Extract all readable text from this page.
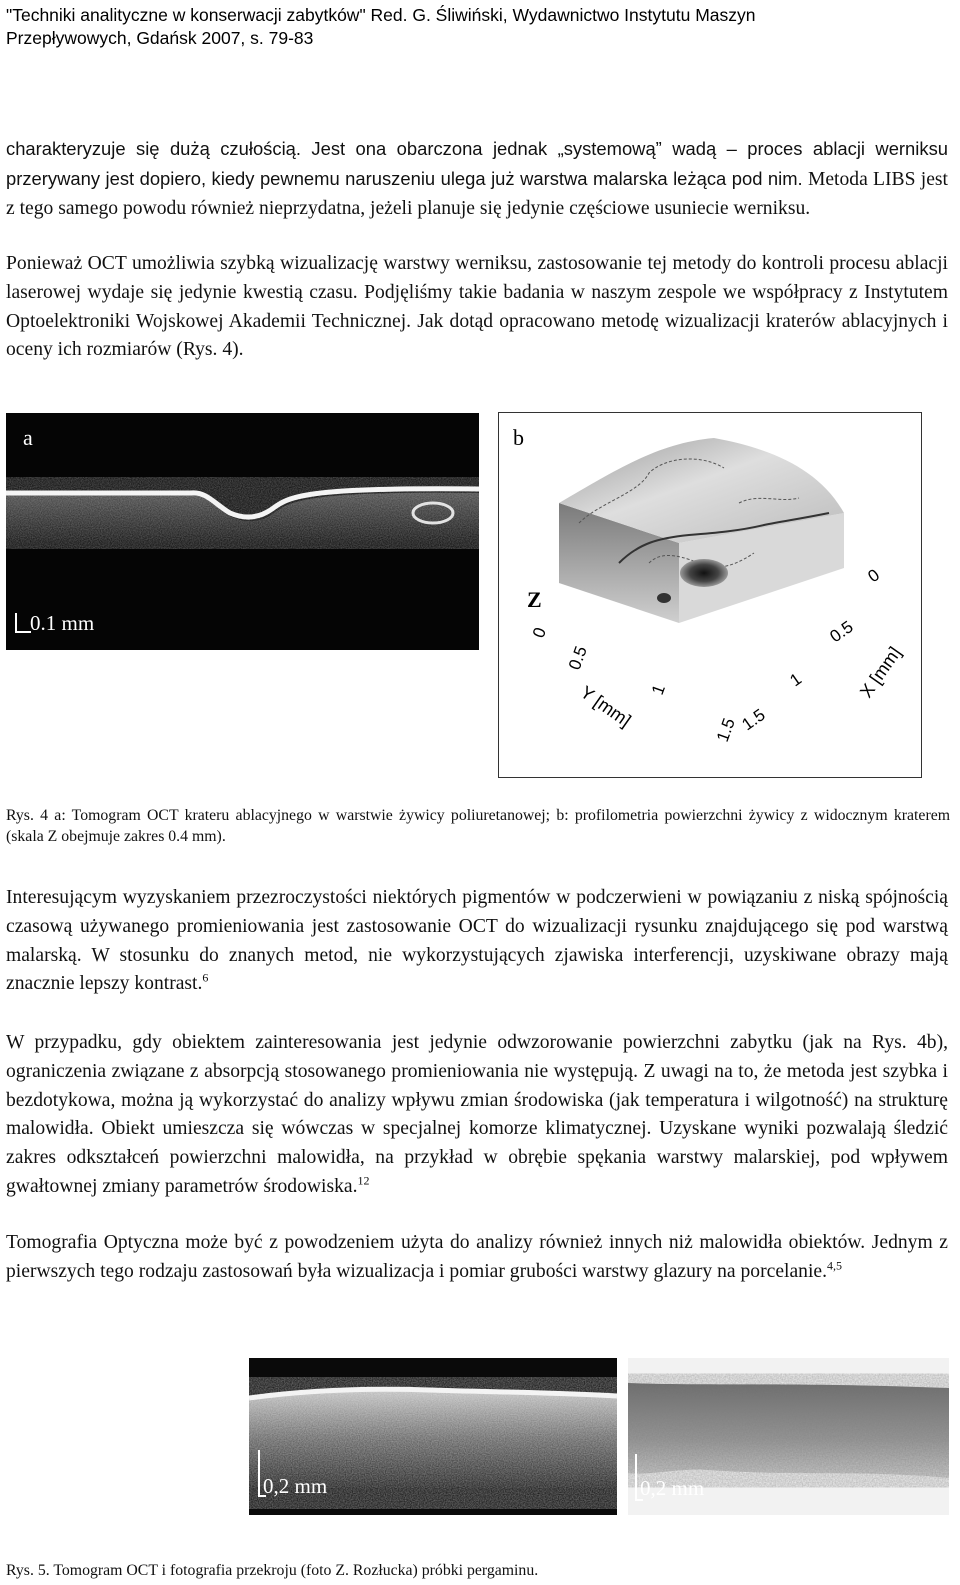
"Techniki analityczne w konserwacji zabytków" Red. G. Śliwiński, Wydawnictwo Instytutu Maszyn
Przepływowych, Gdańsk 2007, s. 79-83
charakteryzuje się dużą czułością. Jest ona obarczona jednak „systemową” wadą – proces ablacji werniksu przerywany jest dopiero, kiedy pewnemu naruszeniu ulega już warstwa malarska leżąca pod nim. Metoda LIBS jest z tego samego powodu również nieprzydatna, jeżeli planuje się jedynie częściowe usuniecie werniksu.
Ponieważ OCT umożliwia szybką wizualizację warstwy werniksu, zastosowanie tej metody do kontroli procesu ablacji laserowej wydaje się jedynie kwestią czasu. Podjęliśmy takie badania w naszym zespole we współpracy z Instytutem Optoelektroniki Wojskowej Akademii Technicznej. Jak dotąd opracowano metodę wizualizacji kraterów ablacyjnych i oceny ich rozmiarów (Rys. 4).
a
0.1 mm
Z
0
0.5
1
1.5
Y [mm]
0
0.5
1
1.5
X [mm]
b
Rys. 4 a: Tomogram OCT krateru ablacyjnego w warstwie żywicy poliuretanowej; b: profilometria powierzchni żywicy z widocznym kraterem (skala Z obejmuje zakres 0.4 mm).
Interesującym wyzyskaniem przezroczystości niektórych pigmentów w podczerwieni w powiązaniu z niską spójnością czasową używanego promieniowania jest zastosowanie OCT do wizualizacji rysunku znajdującego się pod warstwą malarską. W stosunku do znanych metod, nie wykorzystujących zjawiska interferencji, uzyskiwane obrazy mają znacznie lepszy kontrast.$^6$
W przypadku, gdy obiektem zainteresowania jest jedynie odwzorowanie powierzchni zabytku (jak na Rys. 4b), ograniczenia związane z absorpcją stosowanego promieniowania nie występują. Z uwagi na to, że metoda jest szybka i bezdotykowa, można ją wykorzystać do analizy wpływu zmian środowiska (jak temperatura i wilgotność) na strukturę malowidła. Obiekt umieszcza się wówczas w specjalnej komorze klimatycznej. Uzyskane wyniki pozwalają śledzić zakres odkształceń powierzchni malowidła, na przykład w obrębie spękania warstwy malarskiej, pod wpływem gwałtownej zmiany parametrów środowiska.$^{12}$
Tomografia Optyczna może być z powodzeniem użyta do analizy również innych niż malowidła obiektów. Jednym z pierwszych tego rodzaju zastosowań była wizualizacja i pomiar grubości warstwy glazury na porcelanie.$^{4,5}$
0,2 mm	0,2 mm
Rys. 5. Tomogram OCT i fotografia przekroju (foto Z. Rozłucka) próbki pergaminu.
